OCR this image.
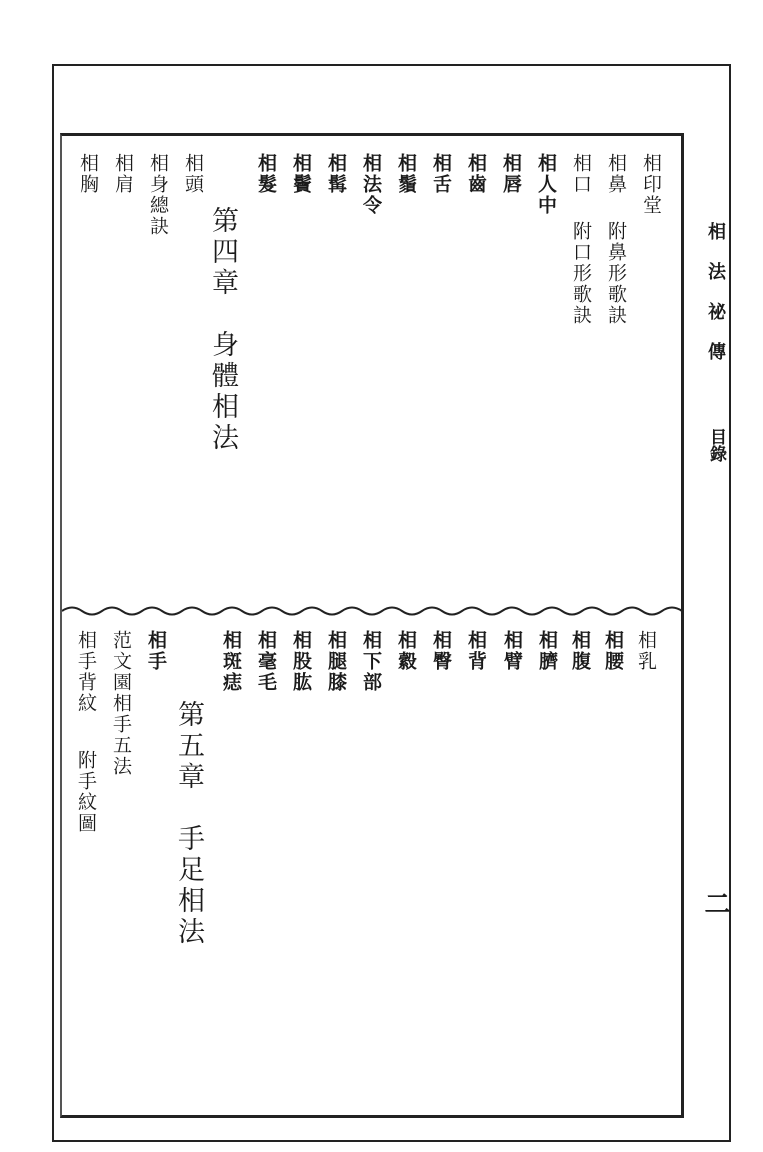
相法祕傳
目錄
二
相印堂
相鼻
附鼻形歌訣
相口
附口形歌訣
相人中
相唇
相齒
相舌
相鬚
相法令
相髯
相鬢
相髮
第四章　身體相法
相頭
相身總訣
相肩
相胸
相乳
相腰
相腹
相臍
相臂
相背
相臀
相縠
相下部
相腿膝
相股肱
相毫毛
相斑痣
第五章　手足相法
相手
范文園相手五法
相手背紋
附手紋圖
